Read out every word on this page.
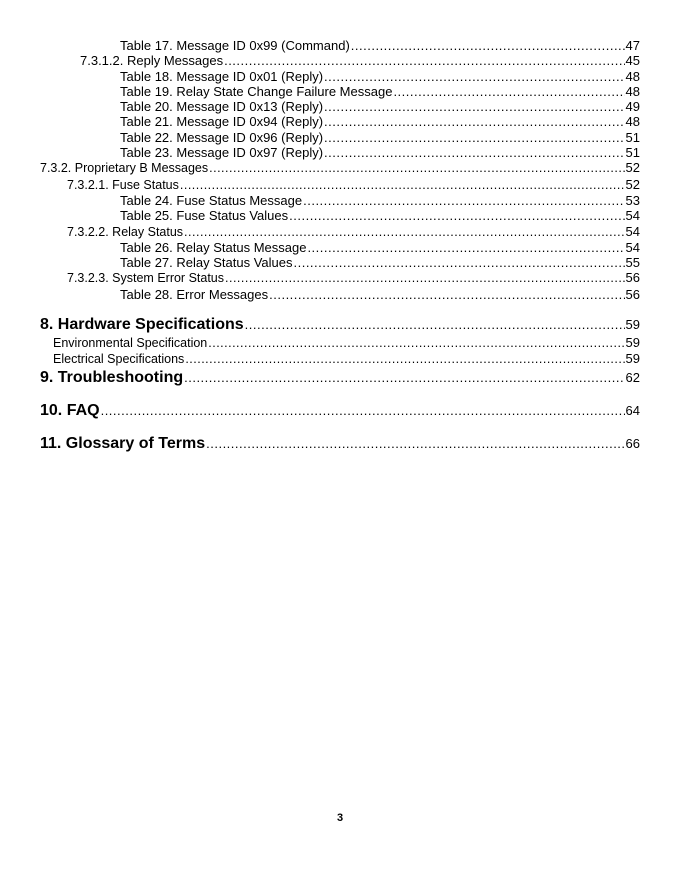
Table 17. Message ID 0x99 (Command) .....	47
7.3.1.2. Reply Messages .....	45
Table 18. Message ID 0x01 (Reply) .....	48
Table 19. Relay State Change Failure Message .....	48
Table 20. Message ID 0x13 (Reply) .....	49
Table 21. Message ID 0x94 (Reply) .....	48
Table 22. Message ID 0x96 (Reply) .....	51
Table 23. Message ID 0x97 (Reply) .....	51
7.3.2. Proprietary B Messages .....	52
7.3.2.1. Fuse Status .....	52
Table 24. Fuse Status Message .....	53
Table 25. Fuse Status Values .....	54
7.3.2.2. Relay Status .....	54
Table 26. Relay Status Message .....	54
Table 27. Relay Status Values .....	55
7.3.2.3. System Error Status .....	56
Table 28. Error Messages .....	56
8. Hardware Specifications .....	59
Environmental Specification .....	59
Electrical Specifications .....	59
9. Troubleshooting .....	62
10. FAQ .....	64
11. Glossary of Terms .....	66
3
